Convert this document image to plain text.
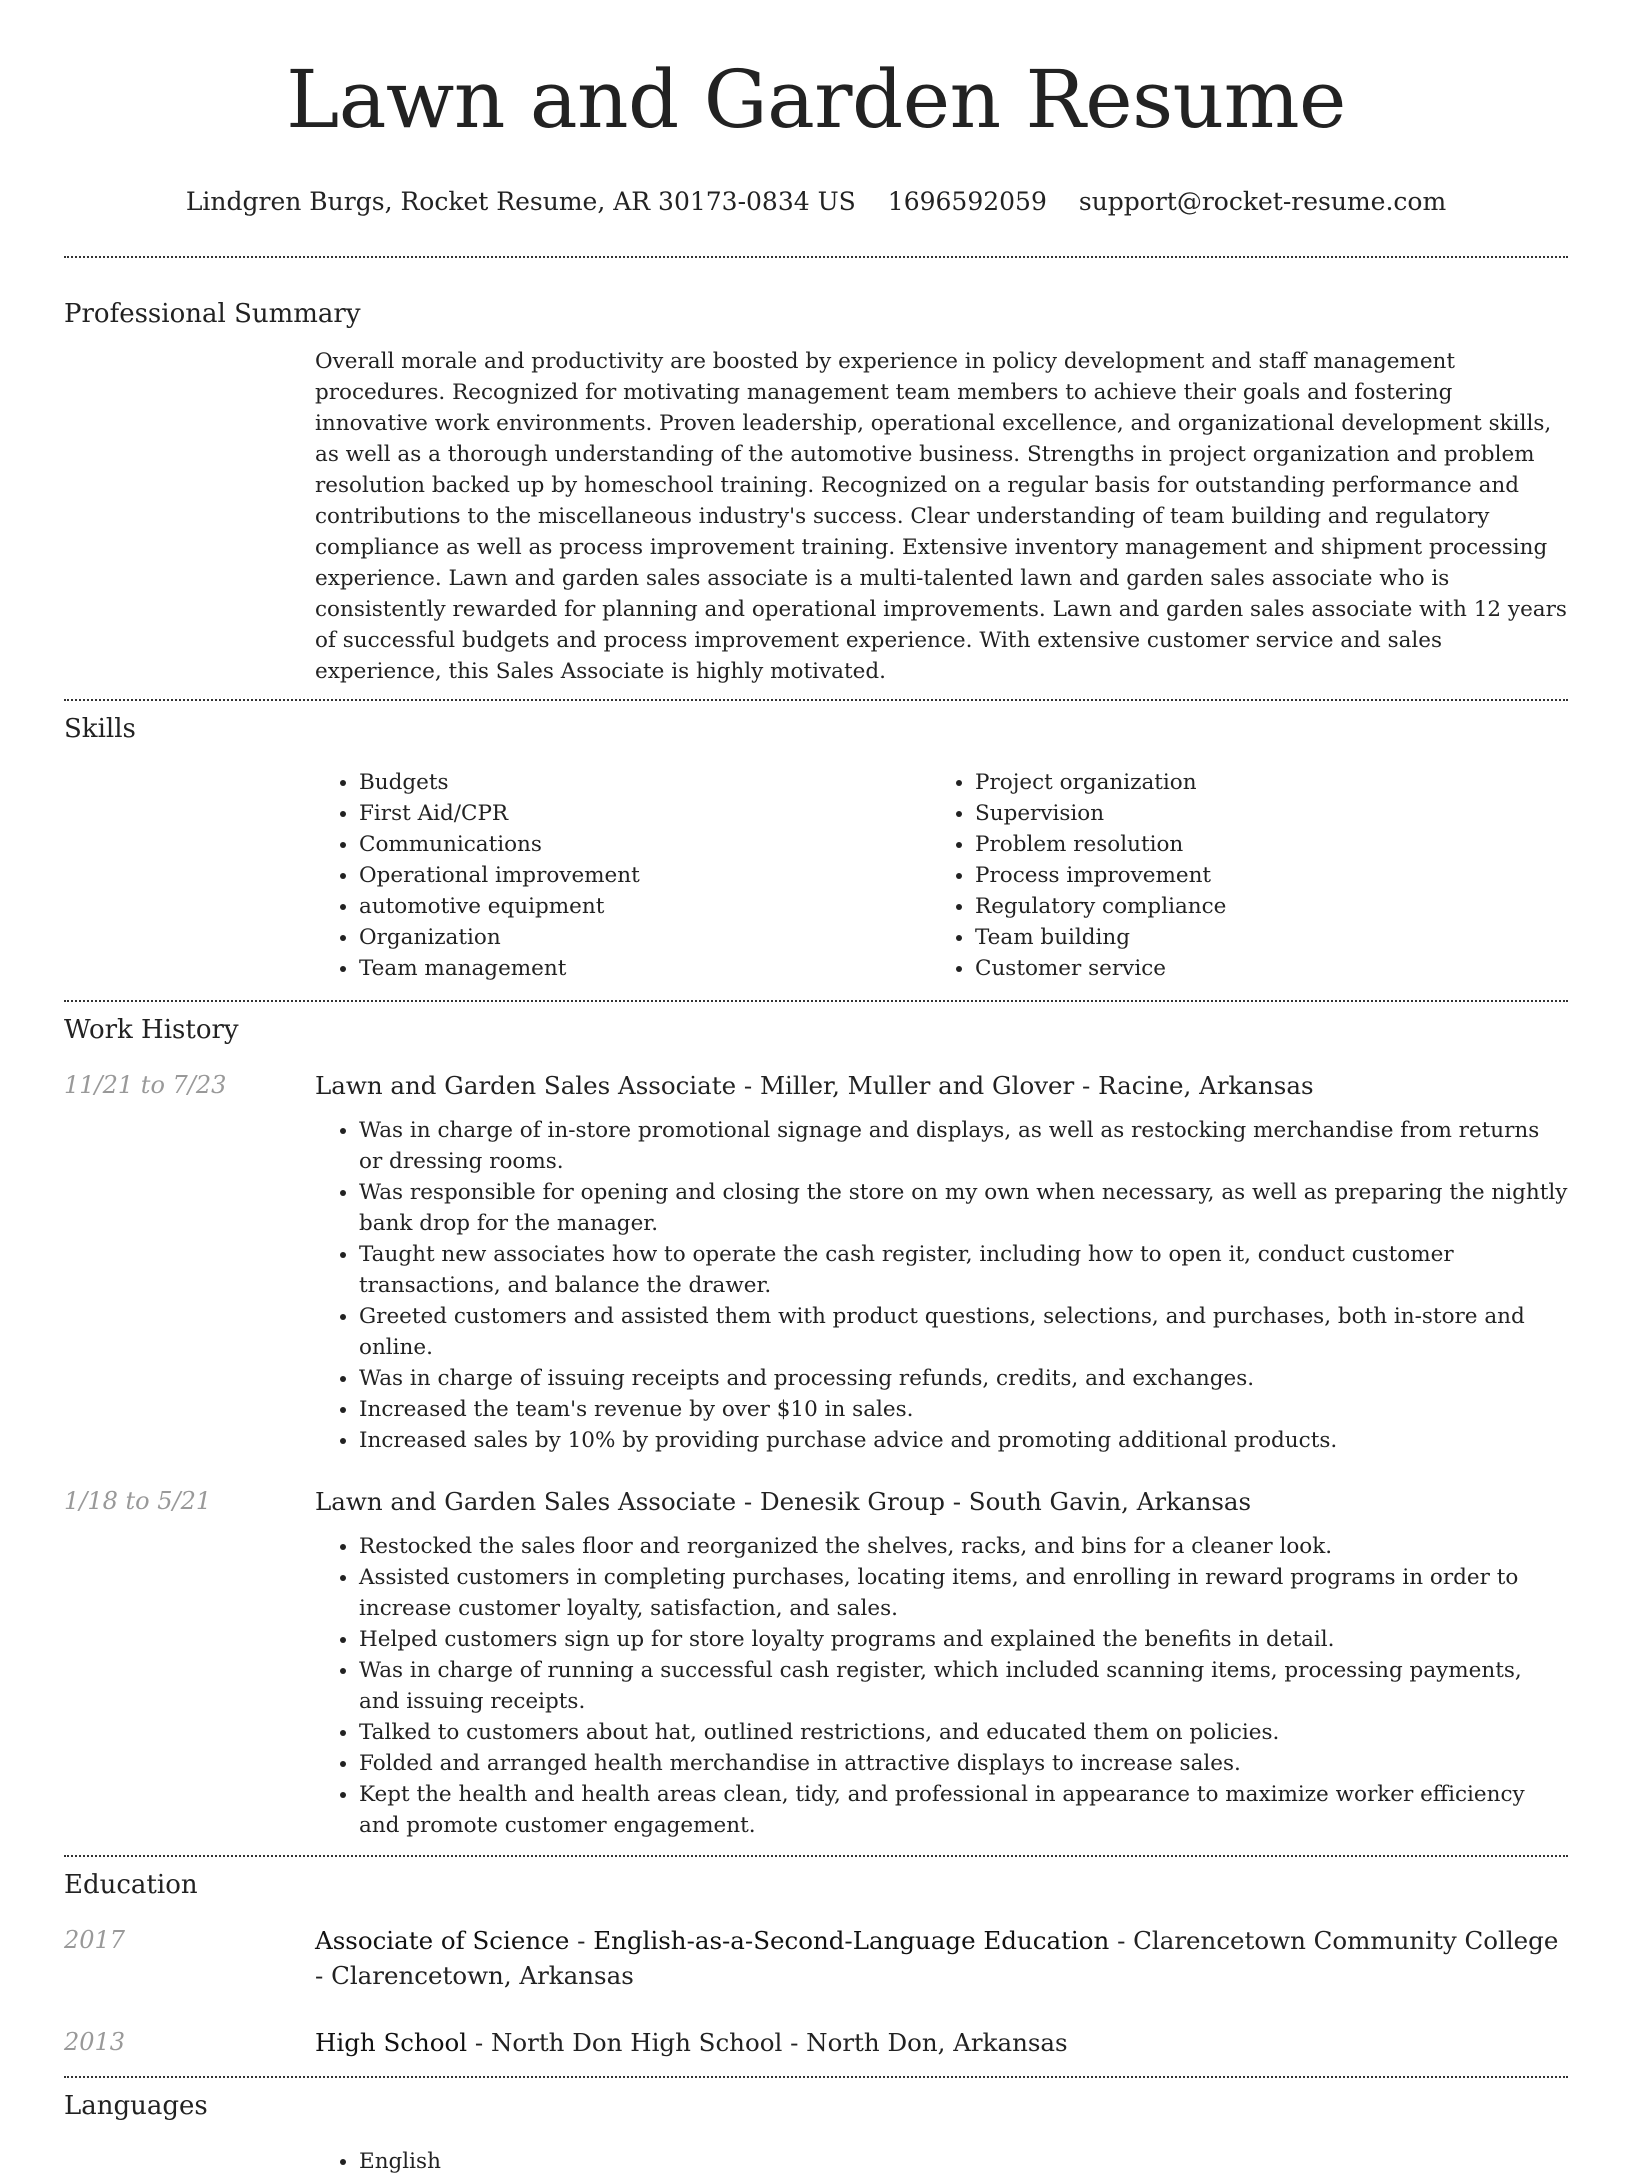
Lawn and Garden Resume
Lindgren Burgs, Rocket Resume, AR 30173-0834 US 1696592059 support@rocket-resume.com
Professional Summary

Overall morale and productivity are boosted by experience in policy development and staff management procedures. Recognized for motivating management team members to achieve their goals and fostering innovative work environments. Proven leadership, operational excellence, and organizational development skills, as well as a thorough understanding of the automotive business. Strengths in project organization and problem resolution backed up by homeschool training. Recognized on a regular basis for outstanding performance and contributions to the miscellaneous industry's success. Clear understanding of team building and regulatory compliance as well as process improvement training. Extensive inventory management and shipment processing experience. Lawn and garden sales associate is a multi-talented lawn and garden sales associate who is consistently rewarded for planning and operational improvements. Lawn and garden sales associate with 12 years of successful budgets and process improvement experience. With extensive customer service and sales experience, this Sales Associate is highly motivated.

Skills
• Budgets
• First Aid/CPR
• Communications
• Operational improvement
• automotive equipment
• Organization
• Team management
• Project organization
• Supervision
• Problem resolution
• Process improvement
• Regulatory compliance
• Team building
• Customer service
Work History
11/21 to 7/23	Lawn and Garden Sales Associate - Miller, Muller and Glover - Racine, Arkansas
• Was in charge of in-store promotional signage and displays, as well as restocking merchandise from returns or dressing rooms.
• Was responsible for opening and closing the store on my own when necessary, as well as preparing the nightly bank drop for the manager.
• Taught new associates how to operate the cash register, including how to open it, conduct customer transactions, and balance the drawer.
• Greeted customers and assisted them with product questions, selections, and purchases, both in-store and online.
• Was in charge of issuing receipts and processing refunds, credits, and exchanges.
• Increased the team's revenue by over $10 in sales.
• Increased sales by 10% by providing purchase advice and promoting additional products.
1/18 to 5/21	Lawn and Garden Sales Associate - Denesik Group - South Gavin, Arkansas
• Restocked the sales floor and reorganized the shelves, racks, and bins for a cleaner look.
• Assisted customers in completing purchases, locating items, and enrolling in reward programs in order to increase customer loyalty, satisfaction, and sales.
• Helped customers sign up for store loyalty programs and explained the benefits in detail.
• Was in charge of running a successful cash register, which included scanning items, processing payments, and issuing receipts.
• Talked to customers about hat, outlined restrictions, and educated them on policies.
• Folded and arranged health merchandise in attractive displays to increase sales.
• Kept the health and health areas clean, tidy, and professional in appearance to maximize worker efficiency and promote customer engagement.
Education
2017	Associate of Science - English-as-a-Second-Language Education - Clarencetown Community College - Clarencetown, Arkansas
2013	High School - North Don High School - North Don, Arkansas
Languages
• English
